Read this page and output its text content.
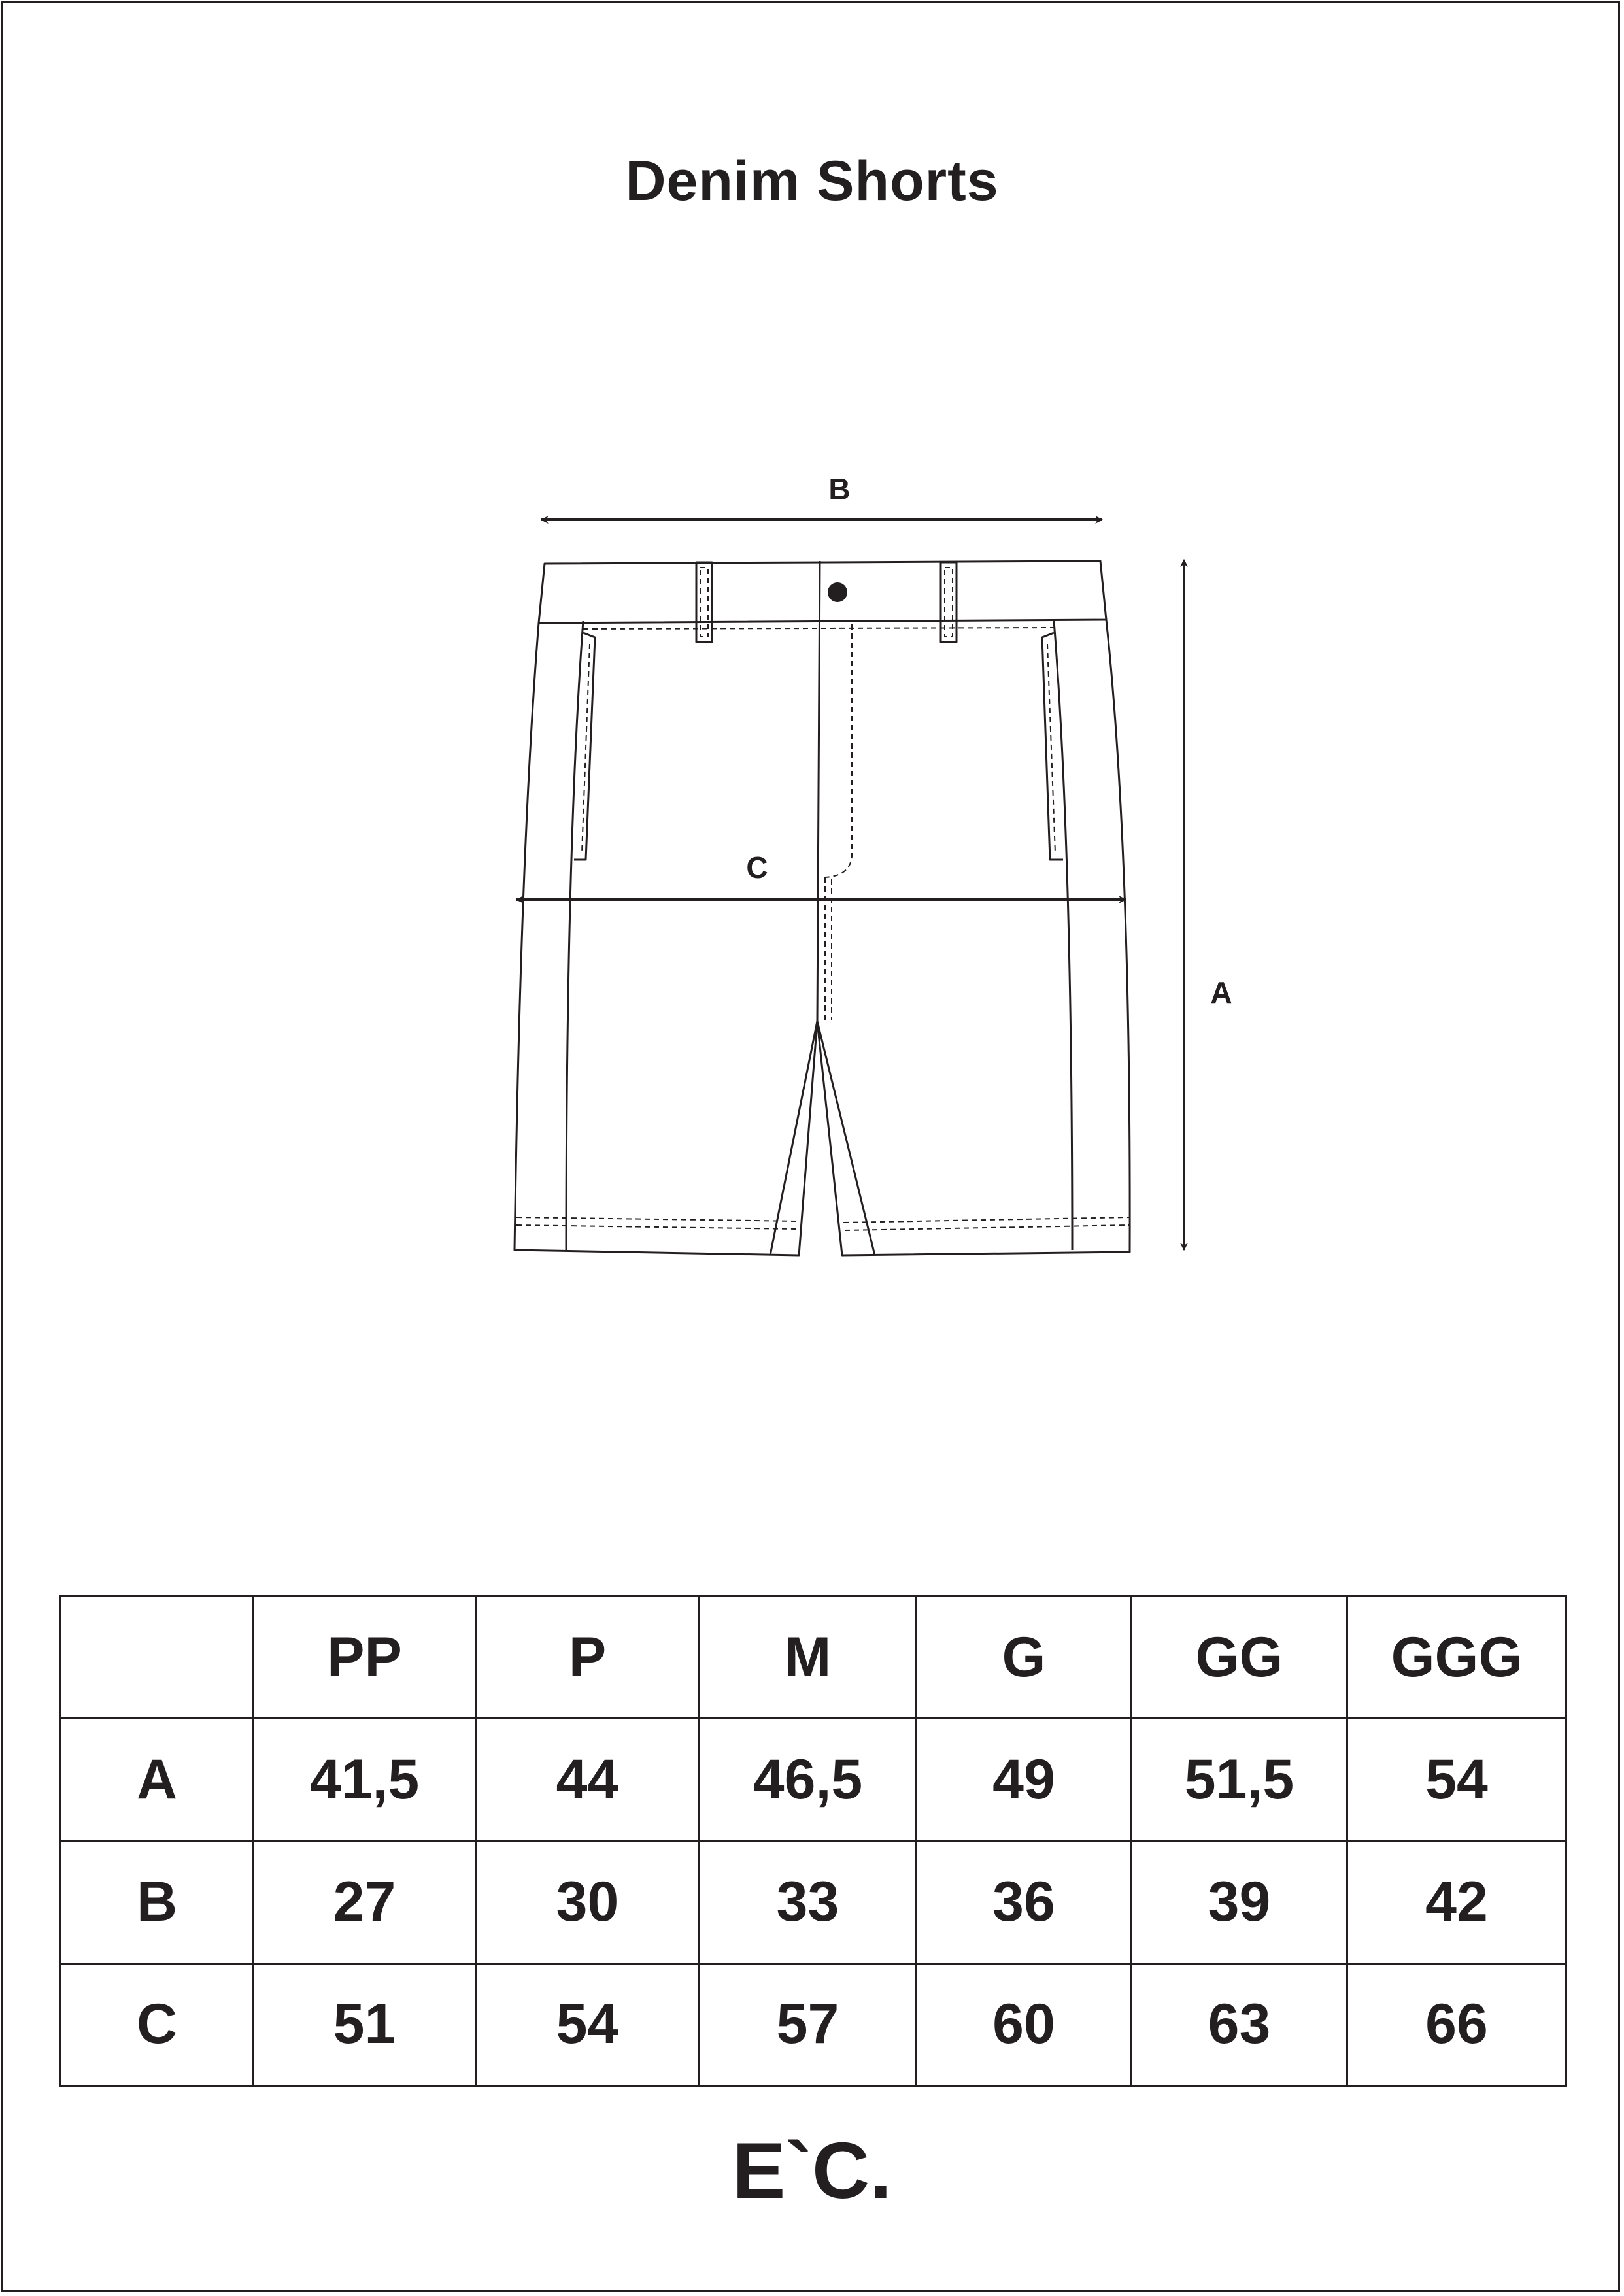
Denim Shorts
B
C
A
	PP	P	M	G	GG	GGG
A	41,5	44	46,5	49	51,5	54
B	27	30	33	36	39	42
C	51	54	57	60	63	66
E`C.
